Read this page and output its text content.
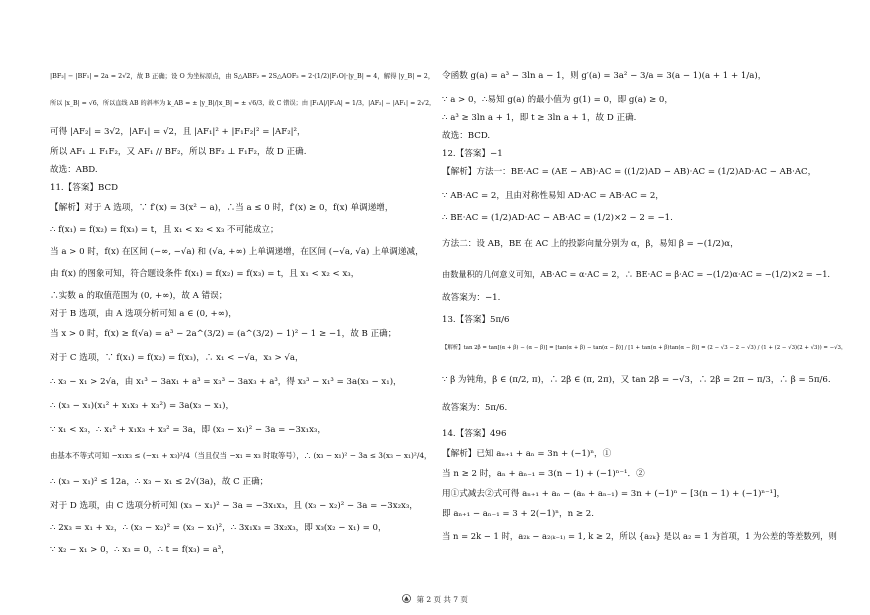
|BF₂| − |BF₁| = 2a = 2√2，故 B 正确；设 O 为坐标原点，由 S△ABF₂ = 2S△AOF₂ = 2·(1/2)|F₁O|·|y_B| = 4，解得 |y_B| = 2，
所以 |x_B| = √6，所以直线 AB 的斜率为 k_AB = ± |y_B|/|x_B| = ± √6/3，故 C 错误；由 |F₁A|/|F₁A| = 1/3，|AF₂| − |AF₁| = 2√2，
可得 |AF₂| = 3√2，|AF₁| = √2，且 |AF₁|² + |F₁F₂|² = |AF₂|²，
所以 AF₁ ⊥ F₁F₂，又 AF₁ // BF₂，所以 BF₂ ⊥ F₁F₂，故 D 正确.
故选：ABD.
11.【答案】BCD
【解析】对于 A 选项，∵ f′(x) = 3(x² − a)，∴当 a ≤ 0 时，f′(x) ≥ 0，f(x) 单调递增，
∴ f(x₁) = f(x₂) = f(x₃) = t，且 x₁ < x₂ < x₃ 不可能成立；
当 a > 0 时，f(x) 在区间 (−∞, −√a) 和 (√a, +∞) 上单调递增，在区间 (−√a, √a) 上单调递减，
由 f(x) 的图象可知，符合题设条件 f(x₁) = f(x₂) = f(x₃) = t，且 x₁ < x₂ < x₃，
∴实数 a 的取值范围为 (0, +∞)，故 A 错误；
对于 B 选项，由 A 选项分析可知 a ∈ (0, +∞)，
当 x > 0 时，f(x) ≥ f(√a) = a³ − 2a^(3/2) = (a^(3/2) − 1)² − 1 ≥ −1，故 B 正确；
对于 C 选项，∵ f(x₁) = f(x₂) = f(x₃)，∴ x₁ < −√a，x₃ > √a，
∴ x₃ − x₁ > 2√a，由 x₁³ − 3ax₁ + a³ = x₃³ − 3ax₃ + a³，得 x₃³ − x₁³ = 3a(x₃ − x₁)，
∴ (x₃ − x₁)(x₁² + x₁x₃ + x₃²) = 3a(x₃ − x₁)，
∵ x₁ < x₃，∴ x₁² + x₁x₃ + x₃² = 3a，即 (x₃ − x₁)² − 3a = −3x₁x₃，
由基本不等式可知 −x₁x₃ ≤ (−x₁ + x₃)²/4（当且仅当 −x₁ = x₃ 时取等号），∴ (x₃ − x₁)² − 3a ≤ 3(x₃ − x₁)²/4，
∴ (x₃ − x₁)² ≤ 12a，∴ x₃ − x₁ ≤ 2√(3a)，故 C 正确；
对于 D 选项，由 C 选项分析可知 (x₃ − x₁)² − 3a = −3x₁x₃，且 (x₃ − x₂)² − 3a = −3x₂x₃，
∴ 2x₃ = x₁ + x₂，∴ (x₃ − x₂)² = (x₃ − x₁)²，∴ 3x₁x₃ = 3x₂x₃，即 x₃(x₂ − x₁) = 0，
∵ x₂ − x₁ > 0，∴ x₃ = 0，∴ t = f(x₃) = a³，
令函数 g(a) = a³ − 3ln a − 1，则 g′(a) = 3a² − 3/a = 3(a − 1)(a + 1 + 1/a)，
∵ a > 0，∴易知 g(a) 的最小值为 g(1) = 0，即 g(a) ≥ 0，
∴ a³ ≥ 3ln a + 1，即 t ≥ 3ln a + 1，故 D 正确.
故选：BCD.
12.【答案】−1
【解析】方法一：BE·AC = (AE − AB)·AC = ((1/2)AD − AB)·AC = (1/2)AD·AC − AB·AC，
∵ AB·AC = 2，且由对称性易知 AD·AC = AB·AC = 2，
∴ BE·AC = (1/2)AD·AC − AB·AC = (1/2)×2 − 2 = −1.
方法二：设 AB，BE 在 AC 上的投影向量分别为 α，β，易知 β = −(1/2)α，
由数量积的几何意义可知，AB·AC = α·AC = 2，∴ BE·AC = β·AC = −(1/2)α·AC = −(1/2)×2 = −1.
故答案为：−1.
13.【答案】5π/6
【解析】tan 2β = tan[(α + β) − (α − β)] = [tan(α + β) − tan(α − β)] / [1 + tan(α + β)tan(α − β)] = (2 − √3 − 2 − √3) / (1 + (2 − √3)(2 + √3)) = −√3，
∵ β 为钝角，β ∈ (π/2, π)，∴ 2β ∈ (π, 2π)，又 tan 2β = −√3，∴ 2β = 2π − π/3，∴ β = 5π/6.
故答案为：5π/6.
14.【答案】496
【解析】已知 aₙ₊₁ + aₙ = 3n + (−1)ⁿ，①
当 n ≥ 2 时，aₙ + aₙ₋₁ = 3(n − 1) + (−1)ⁿ⁻¹．②
用①式减去②式可得 aₙ₊₁ + aₙ − (aₙ + aₙ₋₁) = 3n + (−1)ⁿ − [3(n − 1) + (−1)ⁿ⁻¹]，
即 aₙ₊₁ − aₙ₋₁ = 3 + 2(−1)ⁿ，n ≥ 2.
当 n = 2k − 1 时，a₂ₖ − a₂₍ₖ₋₁₎ = 1, k ≥ 2，所以 {a₂ₖ} 是以 a₂ = 1 为首项，1 为公差的等差数列，则
第 2 页 共 7 页
